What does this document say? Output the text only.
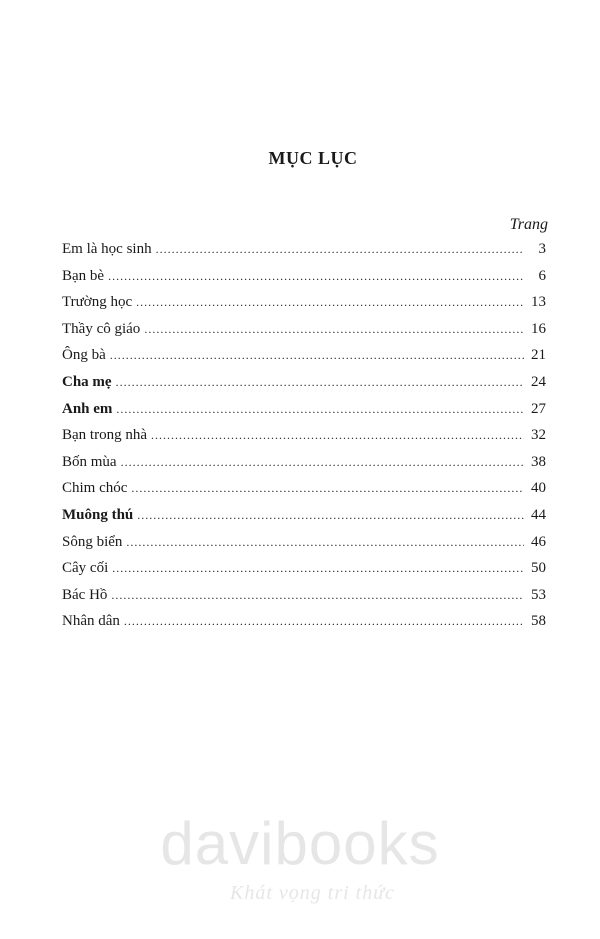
MỤC LỤC
Trang
Em là học sinh .....	3
Bạn bè .....	6
Trường học .....	13
Thầy cô giáo .....	16
Ông bà .....	21
Cha mẹ .....	24
Anh em .....	27
Bạn trong nhà .....	32
Bốn mùa .....	38
Chim chóc .....	40
Muông thú .....	44
Sông biển .....	46
Cây cối .....	50
Bác Hồ .....	53
Nhân dân .....	58
davibooks
Khát vọng tri thức
